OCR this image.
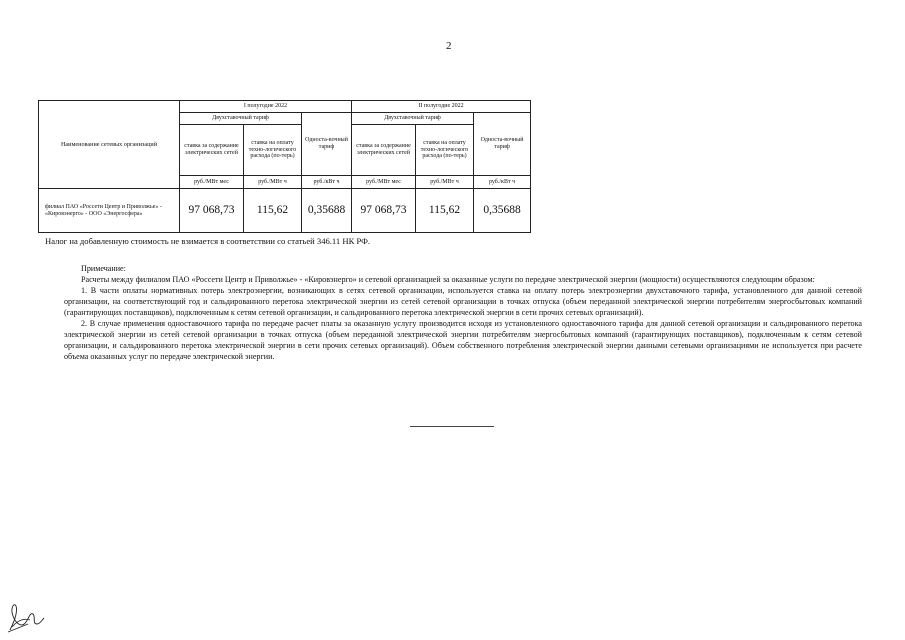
2
Наименование сетевых организаций	I полугодие 2022			II полугодие 2022		
	Двухставочный тариф		Односта-вочный тариф	Двухставочный тариф		Односта-вочный тариф
	ставка за содержание электрических сетей	ставка на оплату техно-логического расхода (по-терь)		ставка за содержание электрических сетей	ставка на оплату техно-логического расхода (по-терь)	
	руб./МВт мес	руб./МВт ч	руб./кВт ч	руб./МВт мес	руб./МВт ч	руб./кВт ч
филиал ПАО «Россети Центр и Приволжье» - «Кировэнерго» - ООО «Энергосфера»	97 068,73	115,62	0,35688	97 068,73	115,62	0,35688
Налог на добавленную стоимость не взимается в соответствии со статьей 346.11 НК РФ.

Примечание:

Расчеты между филиалом ПАО «Россети Центр и Приволжье» - «Кировэнерго» и сетевой организацией за оказанные услуги по передаче электрической энергии (мощности) осуществляются следующим образом:

1. В части оплаты нормативных потерь электроэнергии, возникающих в сетях сетевой организации, используется ставка на оплату потерь электроэнергии двухставочного тарифа, установленного для данной сетевой организации, на соответствующий год и сальдированного перетока электрической энергии из сетей сетевой организации в точках отпуска (объем переданной электрической энергии потребителям энергосбытовых компаний (гарантирующих поставщиков), подключенным к сетям сетевой организации, и сальдированного перетока электрической энергии в сети прочих сетевых организаций).

2. В случае применения одноставочного тарифа по передаче расчет платы за оказанную услугу производится исходя из установленного одноставочного тарифа для данной сетевой организации и сальдированного перетока электрической энергии из сетей сетевой организации в точках отпуска (объем переданной электрической энергии потребителям энергосбытовых компаний (гарантирующих поставщиков), подключенным к сетям сетевой организации, и сальдированного перетока электрической энергии в сети прочих сетевых организаций). Объем собственного потребления электрической энергии данными сетевыми организациями не используется при расчете объема оказанных услуг по передаче электрической энергии.
